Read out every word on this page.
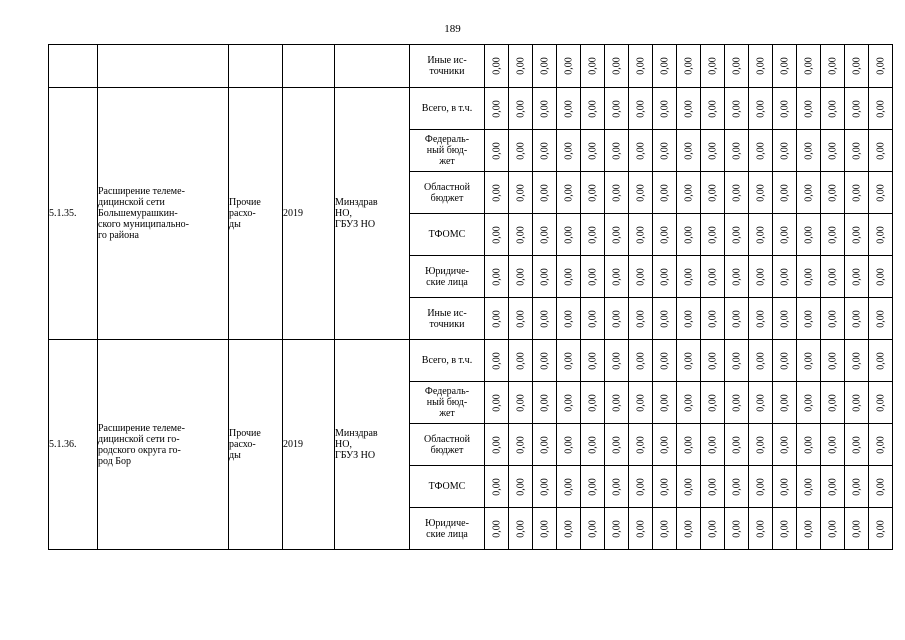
189
					Иные ис-
точники	0,00	0,00	0,00	0,00	0,00	0,00	0,00	0,00	0,00	0,00	0,00	0,00	0,00	0,00	0,00	0,00	0,00

5.1.35.	Расширение телеме-
дицинской сети
Большемурашкин-
ского муниципально-
го района	Прочие
расхо-
ды	2019	Минздрав
НО,
ГБУЗ НО	Всего, в т.ч.	0,00	0,00	0,00	0,00	0,00	0,00	0,00	0,00	0,00	0,00	0,00	0,00	0,00	0,00	0,00	0,00	0,00

					Федераль-
ный бюд-
жет	0,00	0,00	0,00	0,00	0,00	0,00	0,00	0,00	0,00	0,00	0,00	0,00	0,00	0,00	0,00	0,00	0,00

					Областной
бюджет	0,00	0,00	0,00	0,00	0,00	0,00	0,00	0,00	0,00	0,00	0,00	0,00	0,00	0,00	0,00	0,00	0,00

					ТФОМС	0,00	0,00	0,00	0,00	0,00	0,00	0,00	0,00	0,00	0,00	0,00	0,00	0,00	0,00	0,00	0,00	0,00

					Юридиче-
ские лица	0,00	0,00	0,00	0,00	0,00	0,00	0,00	0,00	0,00	0,00	0,00	0,00	0,00	0,00	0,00	0,00	0,00

					Иные ис-
точники	0,00	0,00	0,00	0,00	0,00	0,00	0,00	0,00	0,00	0,00	0,00	0,00	0,00	0,00	0,00	0,00	0,00

5.1.36.	Расширение телеме-
дицинской сети го-
родского округа го-
род Бор	Прочие
расхо-
ды	2019	Минздрав
НО,
ГБУЗ НО	Всего, в т.ч.	0,00	0,00	0,00	0,00	0,00	0,00	0,00	0,00	0,00	0,00	0,00	0,00	0,00	0,00	0,00	0,00	0,00

					Федераль-
ный бюд-
жет	0,00	0,00	0,00	0,00	0,00	0,00	0,00	0,00	0,00	0,00	0,00	0,00	0,00	0,00	0,00	0,00	0,00

					Областной
бюджет	0,00	0,00	0,00	0,00	0,00	0,00	0,00	0,00	0,00	0,00	0,00	0,00	0,00	0,00	0,00	0,00	0,00

					ТФОМС	0,00	0,00	0,00	0,00	0,00	0,00	0,00	0,00	0,00	0,00	0,00	0,00	0,00	0,00	0,00	0,00	0,00

					Юридиче-
ские лица	0,00	0,00	0,00	0,00	0,00	0,00	0,00	0,00	0,00	0,00	0,00	0,00	0,00	0,00	0,00	0,00	0,00
